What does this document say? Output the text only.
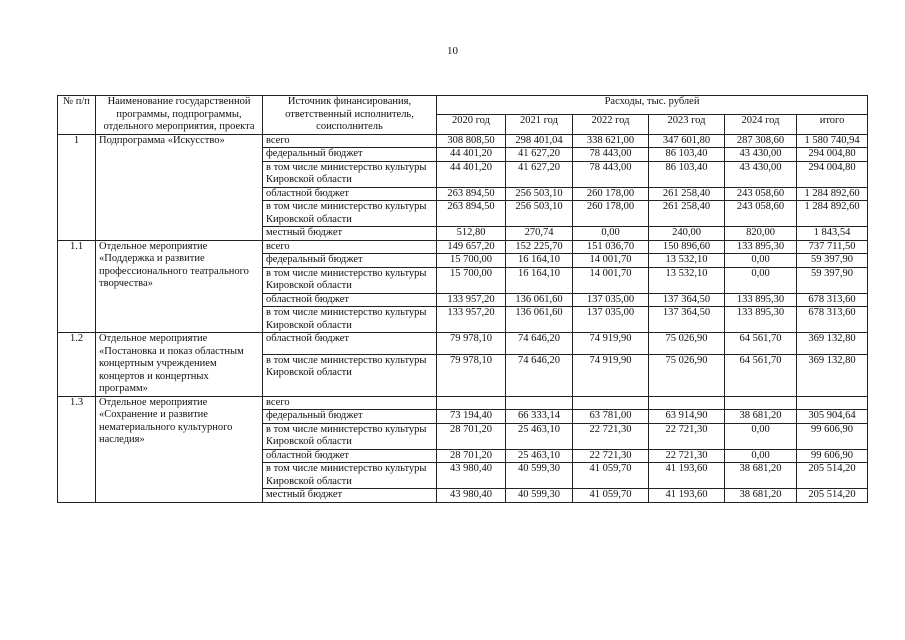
10
№ п/п	Наименование государственной программы, подпрограммы, отдельного мероприятия, проекта	Источник финансирования, ответственный исполнитель, соисполнитель	Расходы, тыс. рублей					
			2020 год	2021 год	2022 год	2023 год	2024 год	итого
1	Подпрограмма «Искусство»	всего	308 808,50	298 401,04	338 621,00	347 601,80	287 308,60	1 580 740,94
		федеральный бюджет	44 401,20	41 627,20	78 443,00	86 103,40	43 430,00	294 004,80
		в том числе министерство культуры Кировской области	44 401,20	41 627,20	78 443,00	86 103,40	43 430,00	294 004,80
		областной бюджет	263 894,50	256 503,10	260 178,00	261 258,40	243 058,60	1 284 892,60
		в том числе министерство культуры Кировской области	263 894,50	256 503,10	260 178,00	261 258,40	243 058,60	1 284 892,60
		местный бюджет	512,80	270,74	0,00	240,00	820,00	1 843,54
1.1	Отдельное мероприятие «Поддержка и развитие профессионального театрального творчества»	всего	149 657,20	152 225,70	151 036,70	150 896,60	133 895,30	737 711,50
		федеральный бюджет	15 700,00	16 164,10	14 001,70	13 532,10	0,00	59 397,90
		в том числе министерство культуры Кировской области	15 700,00	16 164,10	14 001,70	13 532,10	0,00	59 397,90
		областной бюджет	133 957,20	136 061,60	137 035,00	137 364,50	133 895,30	678 313,60
		в том числе министерство культуры Кировской области	133 957,20	136 061,60	137 035,00	137 364,50	133 895,30	678 313,60
1.2	Отдельное мероприятие «Постановка и показ областным концертным учреждением концертов и концертных программ»	областной бюджет	79 978,10	74 646,20	74 919,90	75 026,90	64 561,70	369 132,80
		в том числе министерство культуры Кировской области	79 978,10	74 646,20	74 919,90	75 026,90	64 561,70	369 132,80
1.3	Отдельное мероприятие «Сохранение и развитие нематериального культурного наследия»	всего						
		федеральный бюджет	73 194,40	66 333,14	63 781,00	63 914,90	38 681,20	305 904,64
		в том числе министерство культуры Кировской области	28 701,20	25 463,10	22 721,30	22 721,30	0,00	99 606,90
		областной бюджет	28 701,20	25 463,10	22 721,30	22 721,30	0,00	99 606,90
		в том числе министерство культуры Кировской области	43 980,40	40 599,30	41 059,70	41 193,60	38 681,20	205 514,20
		местный бюджет	43 980,40	40 599,30	41 059,70	41 193,60	38 681,20	205 514,20
